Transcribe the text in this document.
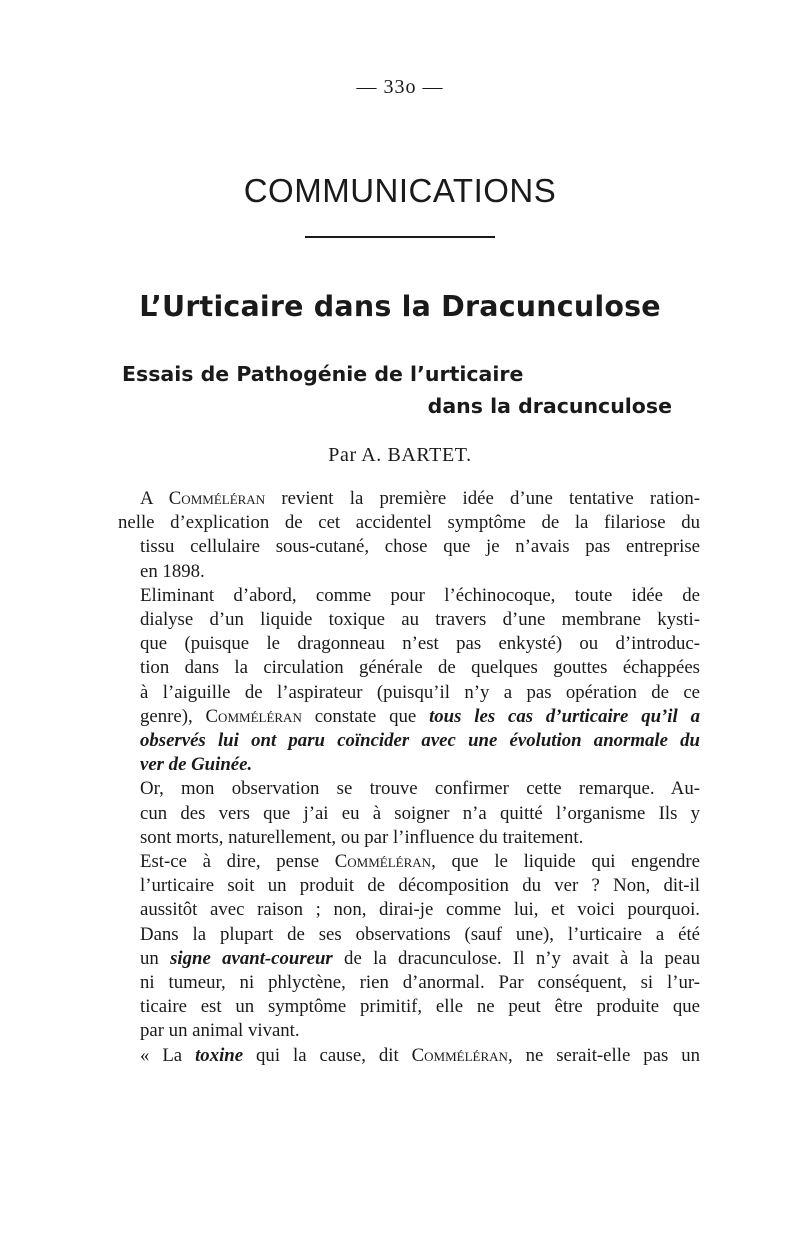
— 33o —
COMMUNICATIONS
L’Urticaire dans la Dracunculose
Essais de Pathogénie de l’urticaire
dans la dracunculose
Par A. BARTET.

A Comméléran revient la première idée d’une tentative ration-
nelle d’explication de cet accidentel symptôme de la filariose du
tissu cellulaire sous-cutané, chose que je n’avais pas entreprise
en 1898.

Eliminant d’abord, comme pour l’échinocoque, toute idée de
dialyse d’un liquide toxique au travers d’une membrane kysti-
que (puisque le dragonneau n’est pas enkysté) ou d’introduc-
tion dans la circulation générale de quelques gouttes échappées
à l’aiguille de l’aspirateur (puisqu’il n’y a pas opération de ce
genre), Comméléran constate que tous les cas d’urticaire qu’il a
observés lui ont paru coïncider avec une évolution anormale du
ver de Guinée.

Or, mon observation se trouve confirmer cette remarque. Au-
cun des vers que j’ai eu à soigner n’a quitté l’organisme Ils y
sont morts, naturellement, ou par l’influence du traitement.

Est-ce à dire, pense Comméléran, que le liquide qui engendre
l’urticaire soit un produit de décomposition du ver ? Non, dit-il
aussitôt avec raison ; non, dirai-je comme lui, et voici pourquoi.

Dans la plupart de ses observations (sauf une), l’urticaire a été
un signe avant-coureur de la dracunculose. Il n’y avait à la peau
ni tumeur, ni phlyctène, rien d’anormal. Par conséquent, si l’ur-
ticaire est un symptôme primitif, elle ne peut être produite que
par un animal vivant.

« La toxine qui la cause, dit Comméléran, ne serait-elle pas un
